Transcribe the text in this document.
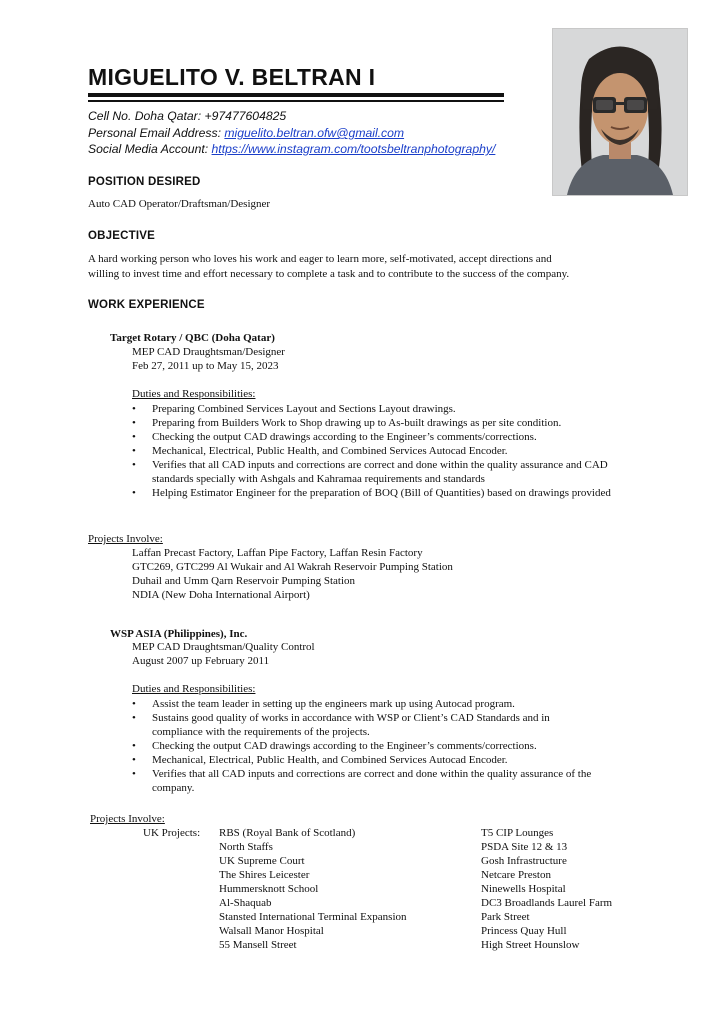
MIGUELITO V. BELTRAN I
Cell No. Doha Qatar: +97477604825
Personal Email Address: miguelito.beltran.ofw@gmail.com
Social Media Account: https://www.instagram.com/tootsbeltranphotography/
POSITION DESIRED
Auto CAD Operator/Draftsman/Designer
OBJECTIVE
A hard working person who loves his work and eager to learn more, self-motivated, accept directions and
willing to invest time and effort necessary to complete a task and to contribute to the success of the company.
WORK EXPERIENCE
Target Rotary / QBC (Doha Qatar)
MEP CAD Draughtsman/Designer
Feb 27, 2011 up to May 15, 2023
Duties and Responsibilities:
• Preparing Combined Services Layout and Sections Layout drawings.
• Preparing from Builders Work to Shop drawing up to As-built drawings as per site condition.
• Checking the output CAD drawings according to the Engineer’s comments/corrections.
• Mechanical, Electrical, Public Health, and Combined Services Autocad Encoder.
• Verifies that all CAD inputs and corrections are correct and done within the quality assurance and CAD standards specially with Ashgals and Kahramaa requirements and standards
• Helping Estimator Engineer for the preparation of BOQ (Bill of Quantities) based on drawings provided
Projects Involve:
Laffan Precast Factory, Laffan Pipe Factory, Laffan Resin Factory
GTC269, GTC299 Al Wukair and Al Wakrah Reservoir Pumping Station
Duhail and Umm Qarn Reservoir Pumping Station
NDIA (New Doha International Airport)
WSP ASIA (Philippines), Inc.
MEP CAD Draughtsman/Quality Control
August 2007 up February 2011
Duties and Responsibilities:
• Assist the team leader in setting up the engineers mark up using Autocad program.
• Sustains good quality of works in accordance with WSP or Client’s CAD Standards and in compliance with the requirements of the projects.
• Checking the output CAD drawings according to the Engineer’s comments/corrections.
• Mechanical, Electrical, Public Health, and Combined Services Autocad Encoder.
• Verifies that all CAD inputs and corrections are correct and done within the quality assurance of the company.
Projects Involve:
UK Projects: RBS (Royal Bank of Scotland)
North Staffs
UK Supreme Court
The Shires Leicester
Hummersknott School
Al-Shaquab
Stansted International Terminal Expansion
Walsall Manor Hospital
55 Mansell Street
T5 CIP Lounges
PSDA Site 12 & 13
Gosh Infrastructure
Netcare Preston
Ninewells Hospital
DC3 Broadlands Laurel Farm
Park Street
Princess Quay Hull
High Street Hounslow
